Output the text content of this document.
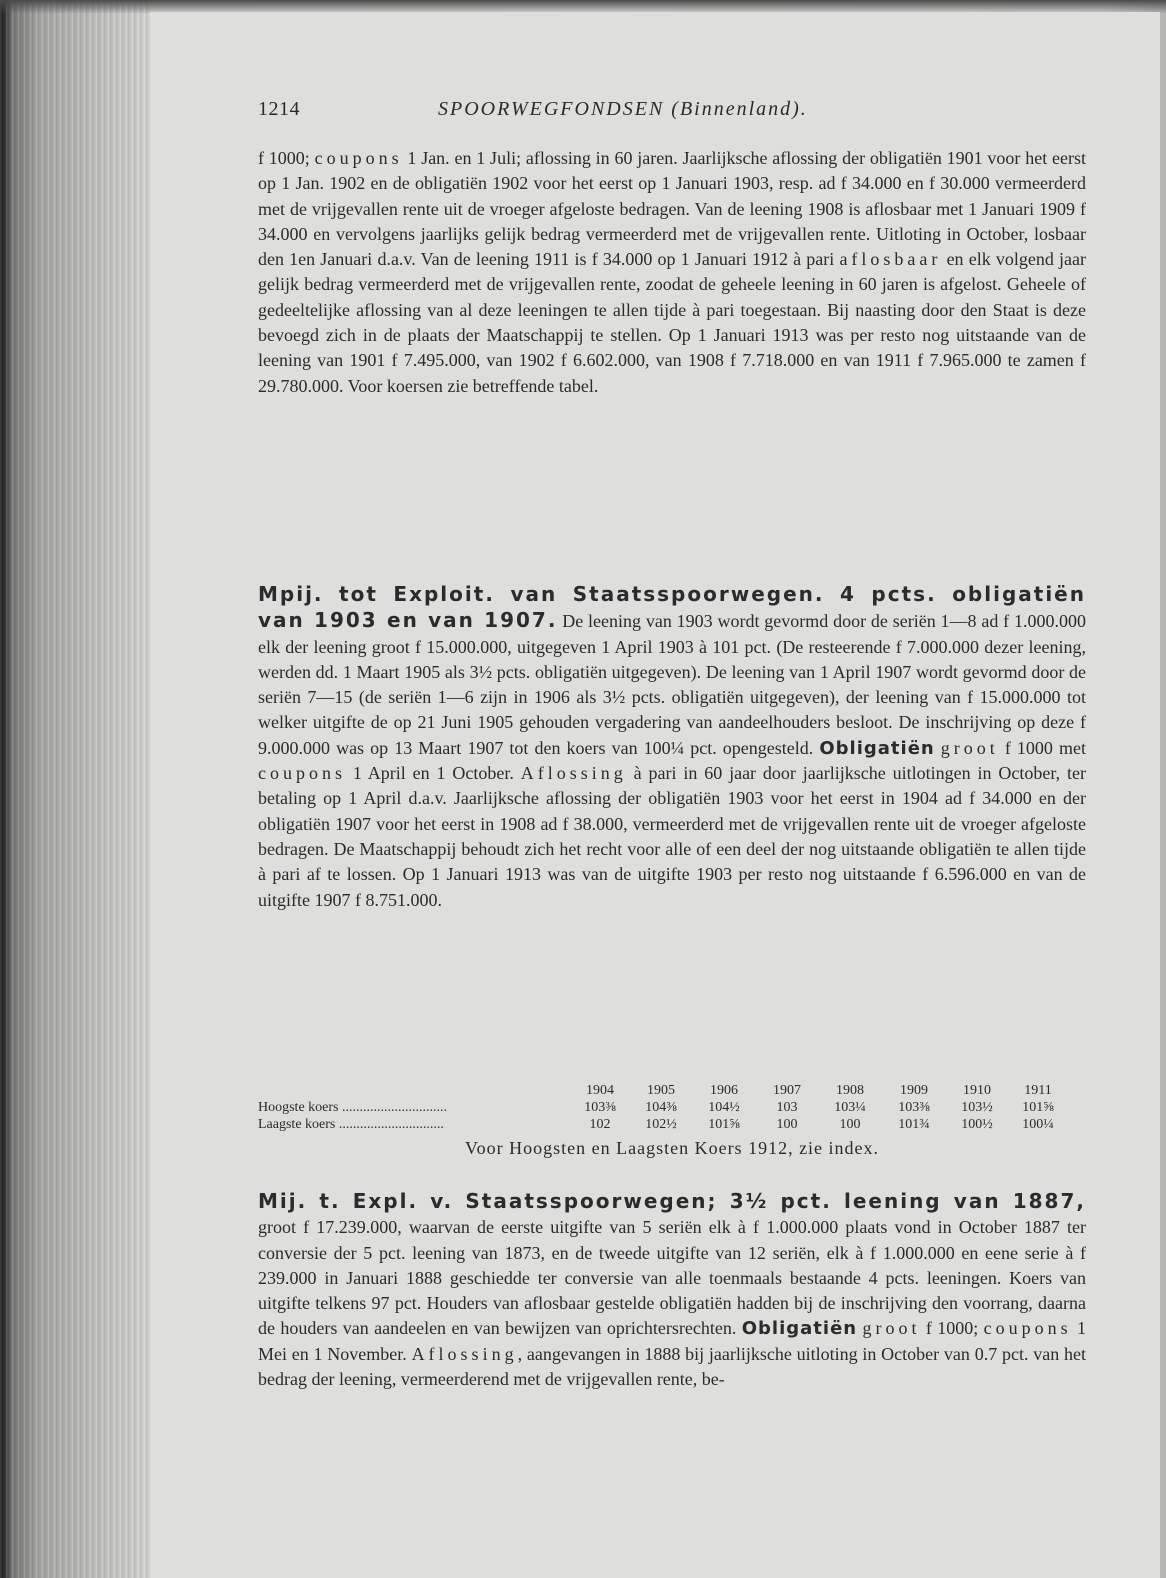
1214	SPOORWEGFONDSEN (Binnenland).
f 1000; coupons 1 Jan. en 1 Juli; aflossing in 60 jaren. Jaarlijksche aflossing der obligatiën 1901 voor het eerst op 1 Jan. 1902 en de obligatiën 1902 voor het eerst op 1 Januari 1903, resp. ad f 34.000 en f 30.000 vermeerderd met de vrijgevallen rente uit de vroeger afgeloste bedragen. Van de leening 1908 is aflosbaar met 1 Januari 1909 f 34.000 en vervolgens jaarlijks gelijk bedrag vermeerderd met de vrijgevallen rente. Uitloting in October, losbaar den 1en Januari d.a.v. Van de leening 1911 is f 34.000 op 1 Januari 1912 à pari aflosbaar en elk volgend jaar gelijk bedrag vermeerderd met de vrijgevallen rente, zoodat de geheele leening in 60 jaren is afgelost. Geheele of gedeeltelijke aflossing van al deze leeningen te allen tijde à pari toegestaan. Bij naasting door den Staat is deze bevoegd zich in de plaats der Maatschappij te stellen. Op 1 Januari 1913 was per resto nog uitstaande van de leening van 1901 f 7.495.000, van 1902 f 6.602.000, van 1908 f 7.718.000 en van 1911 f 7.965.000 te zamen f 29.780.000. Voor koersen zie betreffende tabel.
Mpij. tot Exploit. van Staatsspoorwegen. 4 pcts. obligatiën van 1903 en van 1907. De leening van 1903 wordt gevormd door de seriën 1—8 ad f 1.000.000 elk der leening groot f 15.000.000, uitgegeven 1 April 1903 à 101 pct. (De resteerende f 7.000.000 dezer leening, werden dd. 1 Maart 1905 als 3½ pcts. obligatiën uitgegeven). De leening van 1 April 1907 wordt gevormd door de seriën 7—15 (de seriën 1—6 zijn in 1906 als 3½ pcts. obligatiën uitgegeven), der leening van f 15.000.000 tot welker uitgifte de op 21 Juni 1905 gehouden vergadering van aandeelhouders besloot. De inschrijving op deze f 9.000.000 was op 13 Maart 1907 tot den koers van 100¼ pct. opengesteld. Obligatiën groot f 1000 met coupons 1 April en 1 October. Aflossing à pari in 60 jaar door jaarlijksche uitlotingen in October, ter betaling op 1 April d.a.v. Jaarlijksche aflossing der obligatiën 1903 voor het eerst in 1904 ad f 34.000 en der obligatiën 1907 voor het eerst in 1908 ad f 38.000, vermeerderd met de vrijgevallen rente uit de vroeger afgeloste bedragen. De Maatschappij behoudt zich het recht voor alle of een deel der nog uitstaande obligatiën te allen tijde à pari af te lossen. Op 1 Januari 1913 was van de uitgifte 1903 per resto nog uitstaande f 6.596.000 en van de uitgifte 1907 f 8.751.000.
1904	1905	1906	1907	1908	1909	1910	1911
Hoogste koers ..............................	103⅜	104⅜	104½	103	103¼	103⅜	103½	101⅝
Laagste koers ..............................	102	102½	101⅝	100	100	101¾	100½	100¼
Voor Hoogsten en Laagsten Koers 1912, zie index.
Mij. t. Expl. v. Staatsspoorwegen; 3½ pct. leening van 1887, groot f 17.239.000, waarvan de eerste uitgifte van 5 seriën elk à f 1.000.000 plaats vond in October 1887 ter conversie der 5 pct. leening van 1873, en de tweede uitgifte van 12 seriën, elk à f 1.000.000 en eene serie à f 239.000 in Januari 1888 geschiedde ter conversie van alle toenmaals bestaande 4 pcts. leeningen. Koers van uitgifte telkens 97 pct. Houders van aflosbaar gestelde obligatiën hadden bij de inschrijving den voorrang, daarna de houders van aandeelen en van bewijzen van oprichtersrechten. Obligatiën groot f 1000; coupons 1 Mei en 1 November. Aflossing, aangevangen in 1888 bij jaarlijksche uitloting in October van 0.7 pct. van het bedrag der leening, vermeerderend met de vrijgevallen rente, be-
